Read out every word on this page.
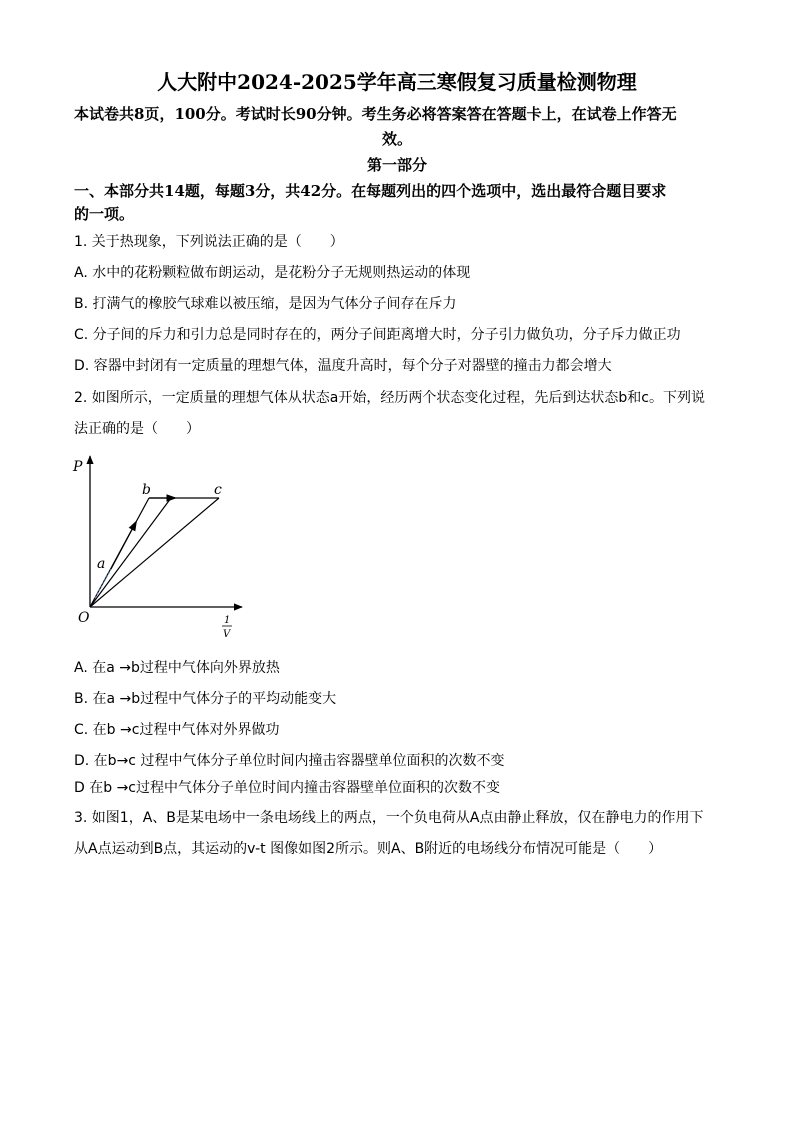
人大附中2024-2025学年高三寒假复习质量检测物理
本试卷共8页，100分。考试时长90分钟。考生务必将答案答在答题卡上，在试卷上作答无
效。
第一部分
一、本部分共14题，每题3分，共42分。在每题列出的四个选项中，选出最符合题目要求
的一项。
1. 关于热现象，下列说法正确的是（　　）
A. 水中的花粉颗粒做布朗运动，是花粉分子无规则热运动的体现
B. 打满气的橡胶气球难以被压缩，是因为气体分子间存在斥力
C. 分子间的斥力和引力总是同时存在的，两分子间距离增大时，分子引力做负功，分子斥力做正功
D. 容器中封闭有一定质量的理想气体，温度升高时，每个分子对器壁的撞击力都会增大
2. 如图所示，一定质量的理想气体从状态a开始，经历两个状态变化过程，先后到达状态b和c。下列说
法正确的是（　　）
P
O
a
b	c
1
V
A. 在a →b过程中气体向外界放热
B. 在a →b过程中气体分子的平均动能变大
C. 在b →c过程中气体对外界做功
D. 在b→c 过程中气体分子单位时间内撞击容器壁单位面积的次数不变
D 在b →c过程中气体分子单位时间内撞击容器壁单位面积的次数不变
3. 如图1，A、B是某电场中一条电场线上的两点，一个负电荷从A点由静止释放，仅在静电力的作用下
从A点运动到B点，其运动的v-t 图像如图2所示。则A、B附近的电场线分布情况可能是（　　）
